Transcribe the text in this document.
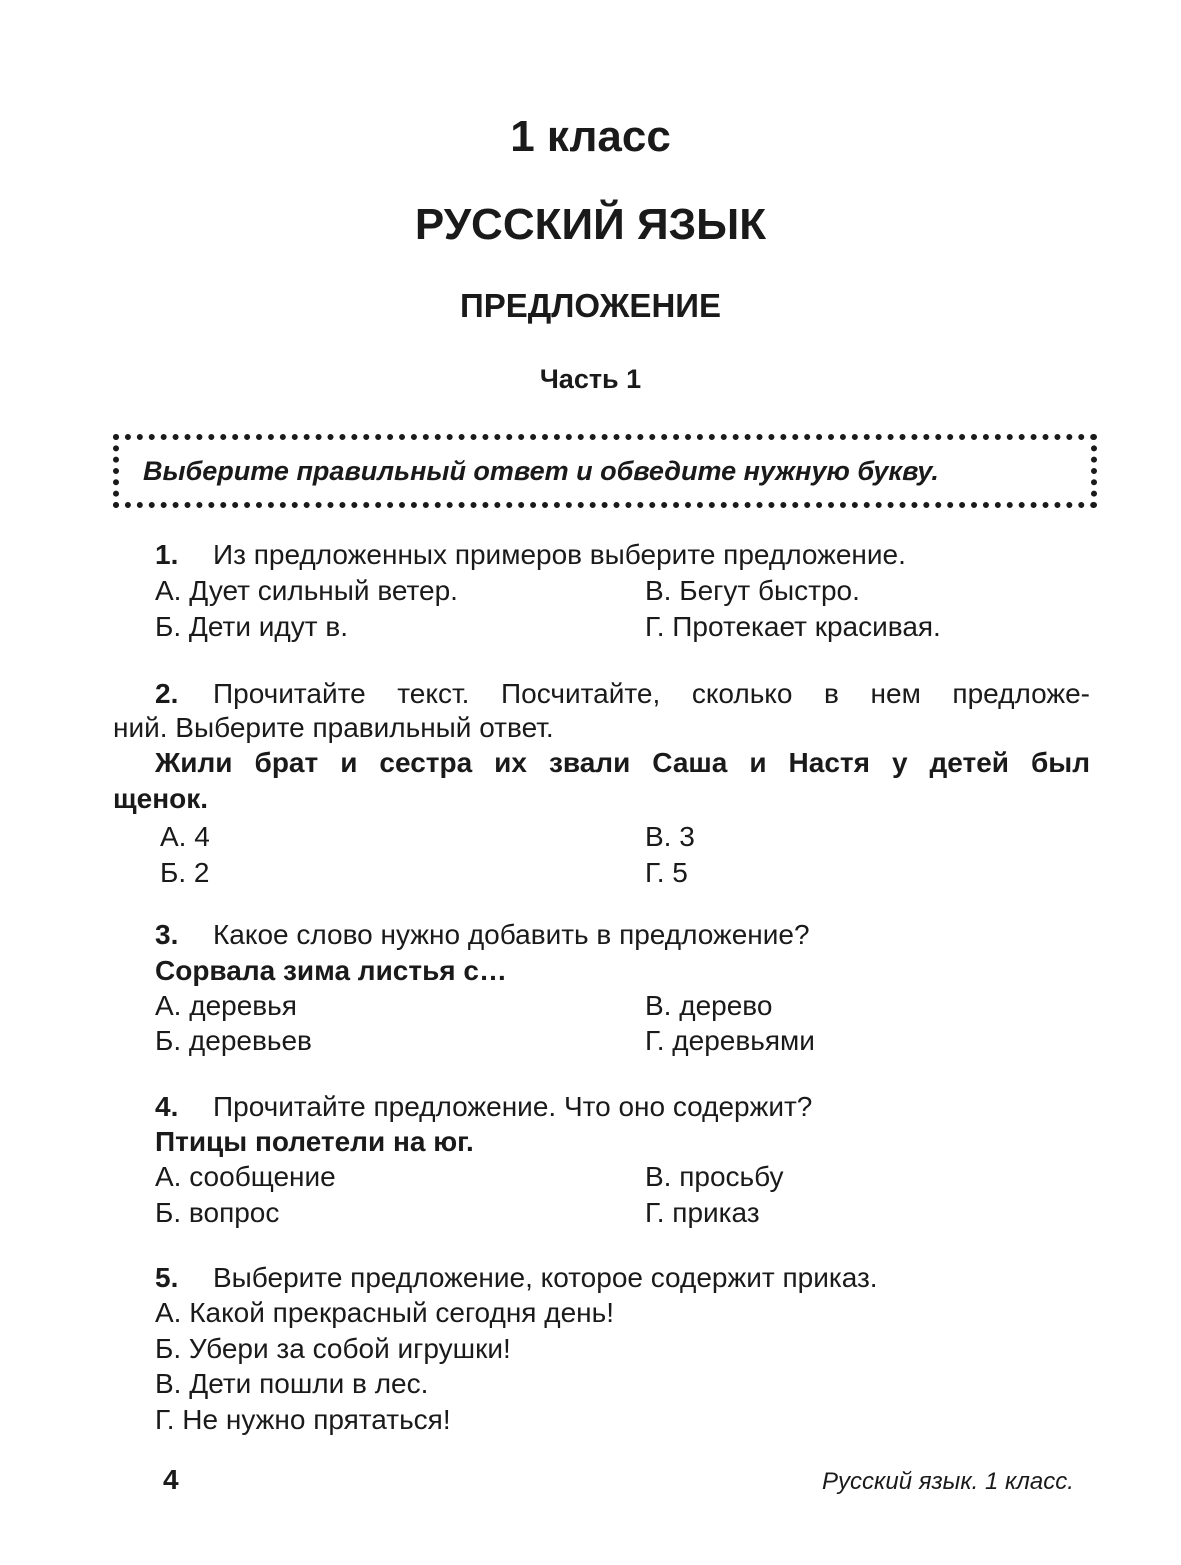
1 класс
РУССКИЙ ЯЗЫК
ПРЕДЛОЖЕНИЕ
Часть 1
Выберите правильный ответ и обведите нужную букву.
1. Из предложенных примеров выберите предложение.
А. Дует сильный ветер.
Б. Дети идут в.
В. Бегут быстро.
Г. Протекает красивая.
2. Прочитайте текст. Посчитайте, сколько в нем предложе-
ний. Выберите правильный ответ.
Жили брат и сестра их звали Саша и Настя у детей был
щенок.
А. 4
Б. 2
В. 3
Г. 5
3. Какое слово нужно добавить в предложение?
Сорвала зима листья с…
А. деревья
Б. деревьев
В. дерево
Г. деревьями
4. Прочитайте предложение. Что оно содержит?
Птицы полетели на юг.
А. сообщение
Б. вопрос
В. просьбу
Г. приказ
5. Выберите предложение, которое содержит приказ.
А. Какой прекрасный сегодня день!
Б. Убери за собой игрушки!
В. Дети пошли в лес.
Г. Не нужно прятаться!
4	Русский язык. 1 класс.
